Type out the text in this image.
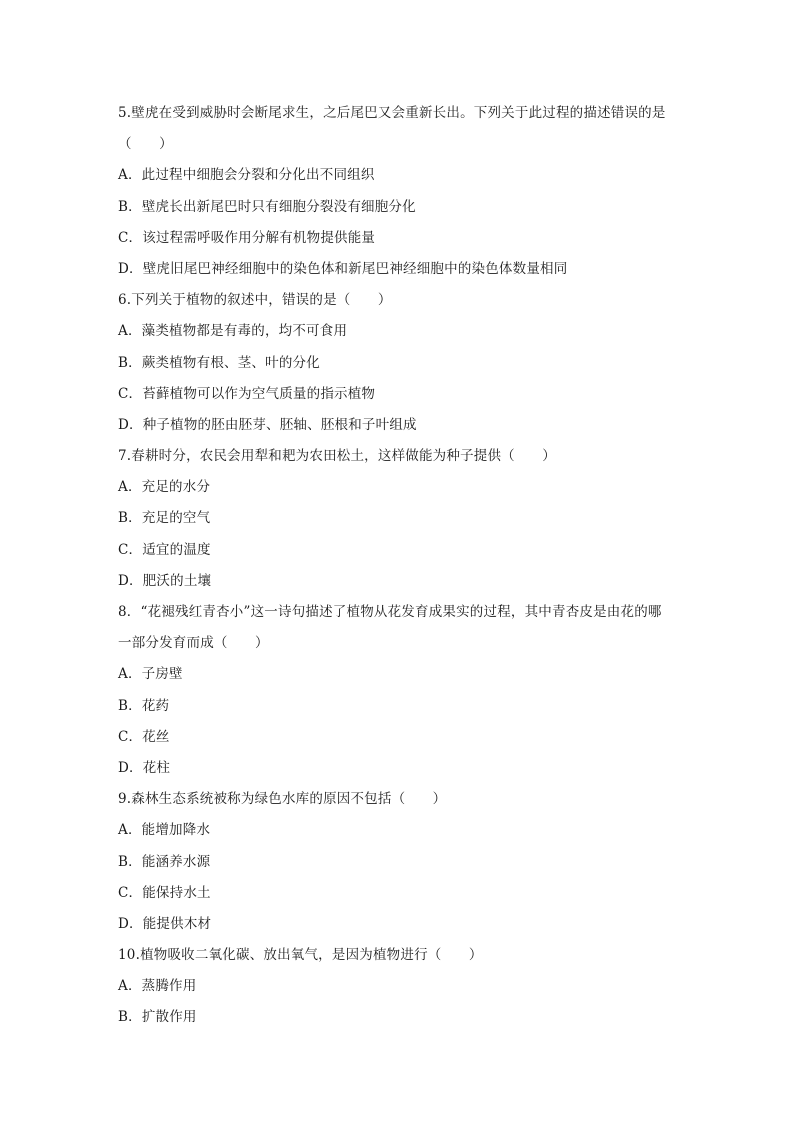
5.壁虎在受到威胁时会断尾求生，之后尾巴又会重新长出。下列关于此过程的描述错误的是
（　　）
A．此过程中细胞会分裂和分化出不同组织
B．壁虎长出新尾巴时只有细胞分裂没有细胞分化
C．该过程需呼吸作用分解有机物提供能量
D．壁虎旧尾巴神经细胞中的染色体和新尾巴神经细胞中的染色体数量相同
6.下列关于植物的叙述中，错误的是（　　）
A．藻类植物都是有毒的，均不可食用
B．蕨类植物有根、茎、叶的分化
C．苔藓植物可以作为空气质量的指示植物
D．种子植物的胚由胚芽、胚轴、胚根和子叶组成
7.春耕时分，农民会用犁和耙为农田松土，这样做能为种子提供（　　）
A．充足的水分
B．充足的空气
C．适宜的温度
D．肥沃的土壤
8．“花褪残红青杏小”这一诗句描述了植物从花发育成果实的过程，其中青杏皮是由花的哪
一部分发育而成（　　）
A．子房壁
B．花药
C．花丝
D．花柱
9.森林生态系统被称为绿色水库的原因不包括（　　）
A．能增加降水
B．能涵养水源
C．能保持水土
D．能提供木材
10.植物吸收二氧化碳、放出氧气，是因为植物进行（　　）
A．蒸腾作用
B．扩散作用
